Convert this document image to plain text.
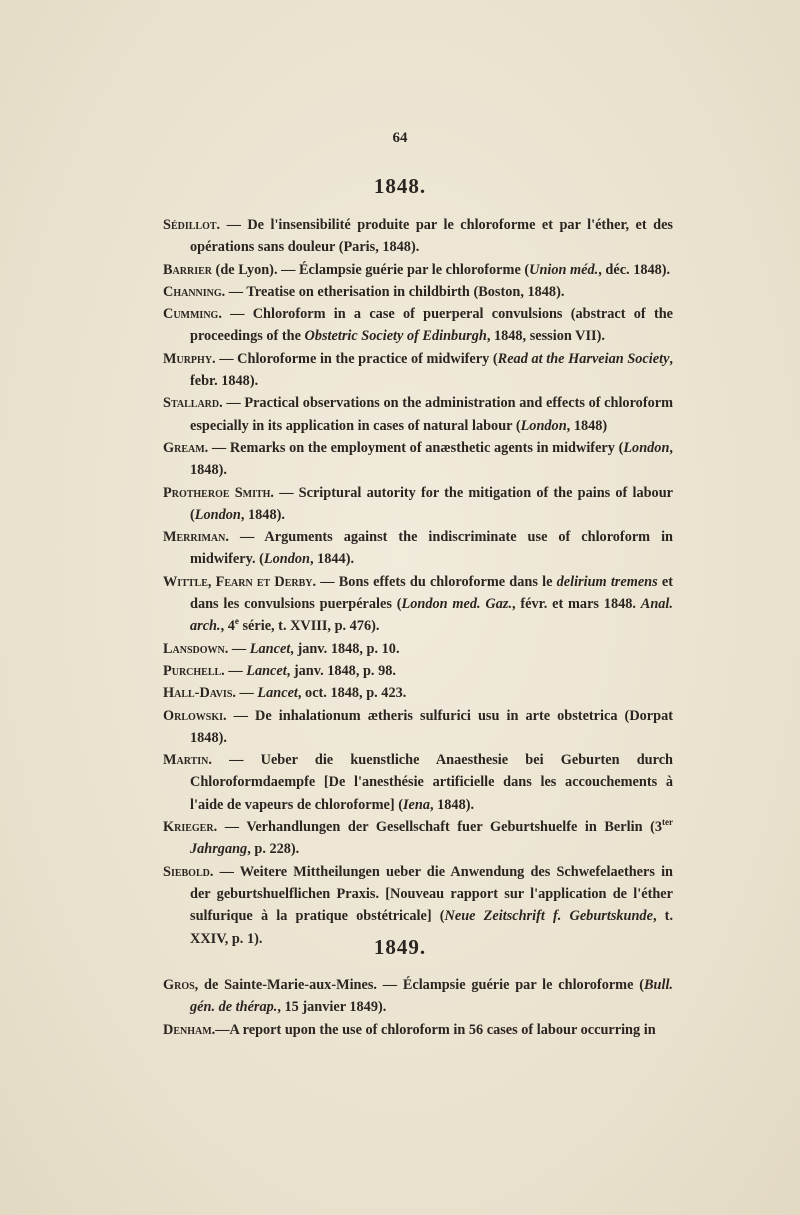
64
1848.
Sédillot. — De l'insensibilité produite par le chloroforme et par l'éther, et des opérations sans douleur (Paris, 1848).
Barrier (de Lyon). — Éclampsie guérie par le chloroforme (Union méd., déc. 1848).
Channing. — Treatise on etherisation in childbirth (Boston, 1848).
Cumming. — Chloroform in a case of puerperal convulsions (abstract of the proceedings of the Obstetric Society of Edinburgh, 1848, session VII).
Murphy. — Chloroforme in the practice of midwifery (Read at the Harveian Society, febr. 1848).
Stallard. — Practical observations on the administration and effects of chloroform especially in its application in cases of natural labour (London, 1848)
Gream. — Remarks on the employment of anæsthetic agents in midwifery (London, 1848).
Protheroe Smith. — Scriptural autority for the mitigation of the pains of labour (London, 1848).
Merriman. — Arguments against the indiscriminate use of chloroform in midwifery. (London, 1844).
Wittle, Fearn et Derby. — Bons effets du chloroforme dans le delirium tremens et dans les convulsions puerpérales (London med. Gaz., févr. et mars 1848. Anal. arch., 4e série, t. XVIII, p. 476).
Lansdown. — Lancet, janv. 1848, p. 10.
Purchell. — Lancet, janv. 1848, p. 98.
Hall-Davis. — Lancet, oct. 1848, p. 423.
Orlowski. — De inhalationum ætheris sulfurici usu in arte obstetrica (Dorpat 1848).
Martin. — Ueber die kuenstliche Anaesthesie bei Geburten durch Chloroformdaempfe [De l'anesthésie artificielle dans les accouchements à l'aide de vapeurs de chloroforme] (Iena, 1848).
Krieger. — Verhandlungen der Gesellschaft fuer Geburtshuelfe in Berlin ($3^{ter}$ Jahrgang, p. 228).
Siebold. — Weitere Mittheilungen ueber die Anwendung des Schwefelaethers in der geburtshuelflichen Praxis. [Nouveau rapport sur l'application de l'éther sulfurique à la pratique obstétricale] (Neue Zeitschrift f. Geburtskunde, t. XXIV, p. 1).	1849.
Gros, de Sainte-Marie-aux-Mines. — Éclampsie guérie par le chloroforme (Bull. gén. de thérap., 15 janvier 1849).
Denham.—A report upon the use of chloroform in 56 cases of labour occurring in
